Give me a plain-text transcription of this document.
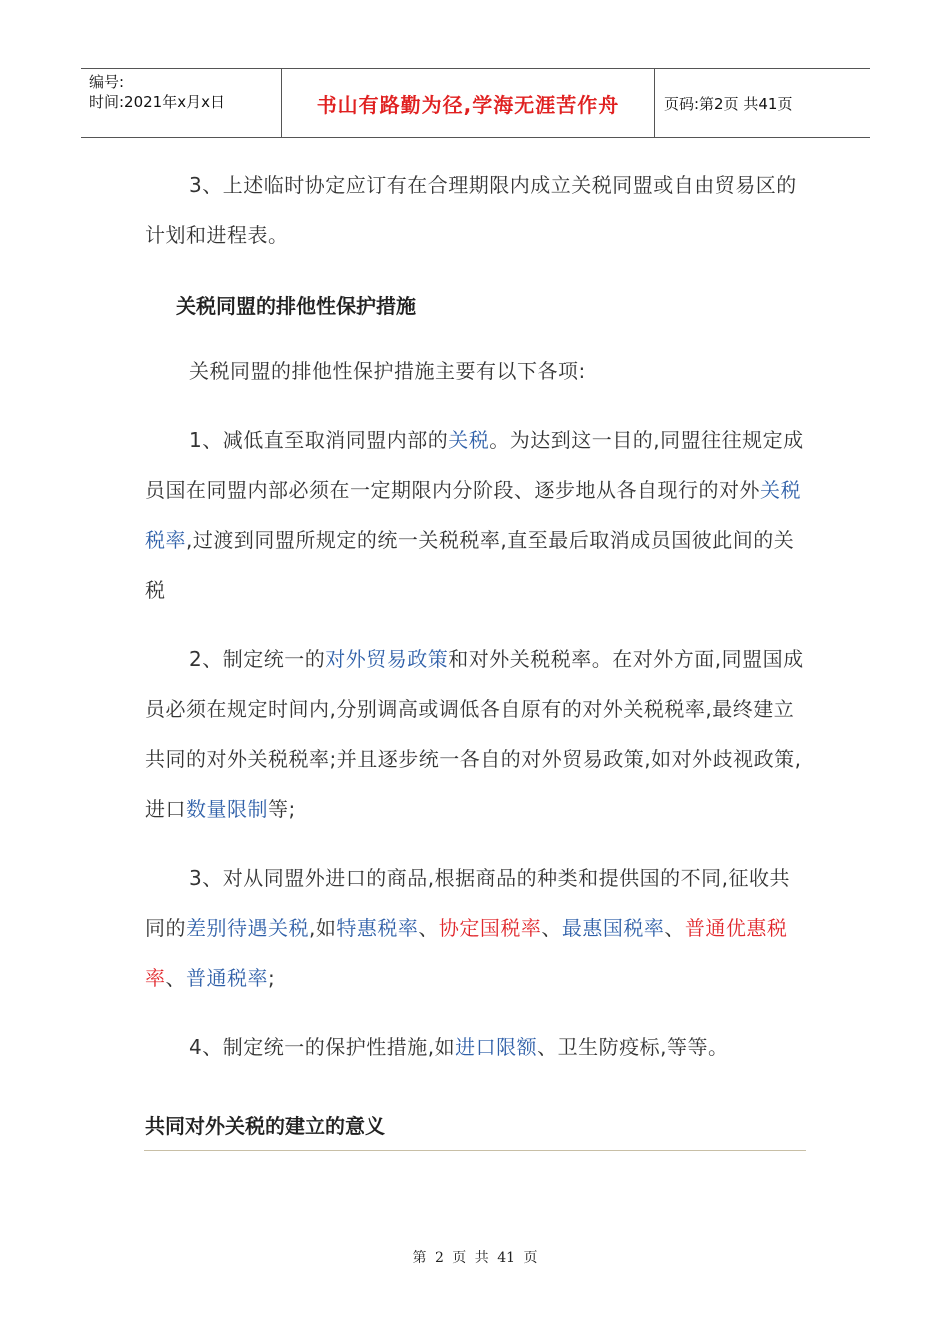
编号:
时间:2021年x月x日	书山有路勤为径,学海无涯苦作舟	页码:第2页 共41页
3、上述临时协定应订有在合理期限内成立关税同盟或自由贸易区的计划和进程表。
关税同盟的排他性保护措施
关税同盟的排他性保护措施主要有以下各项:
1、减低直至取消同盟内部的关税。为达到这一目的,同盟往往规定成员国在同盟内部必须在一定期限内分阶段、逐步地从各自现行的对外关税税率,过渡到同盟所规定的统一关税税率,直至最后取消成员国彼此间的关税
2、制定统一的对外贸易政策和对外关税税率。在对外方面,同盟国成员必须在规定时间内,分别调高或调低各自原有的对外关税税率,最终建立共同的对外关税税率;并且逐步统一各自的对外贸易政策,如对外歧视政策,进口数量限制等;
3、对从同盟外进口的商品,根据商品的种类和提供国的不同,征收共同的差别待遇关税,如特惠税率、协定国税率、最惠国税率、普通优惠税率、普通税率;
4、制定统一的保护性措施,如进口限额、卫生防疫标,等等。
共同对外关税的建立的意义
第 2 页 共 41 页
